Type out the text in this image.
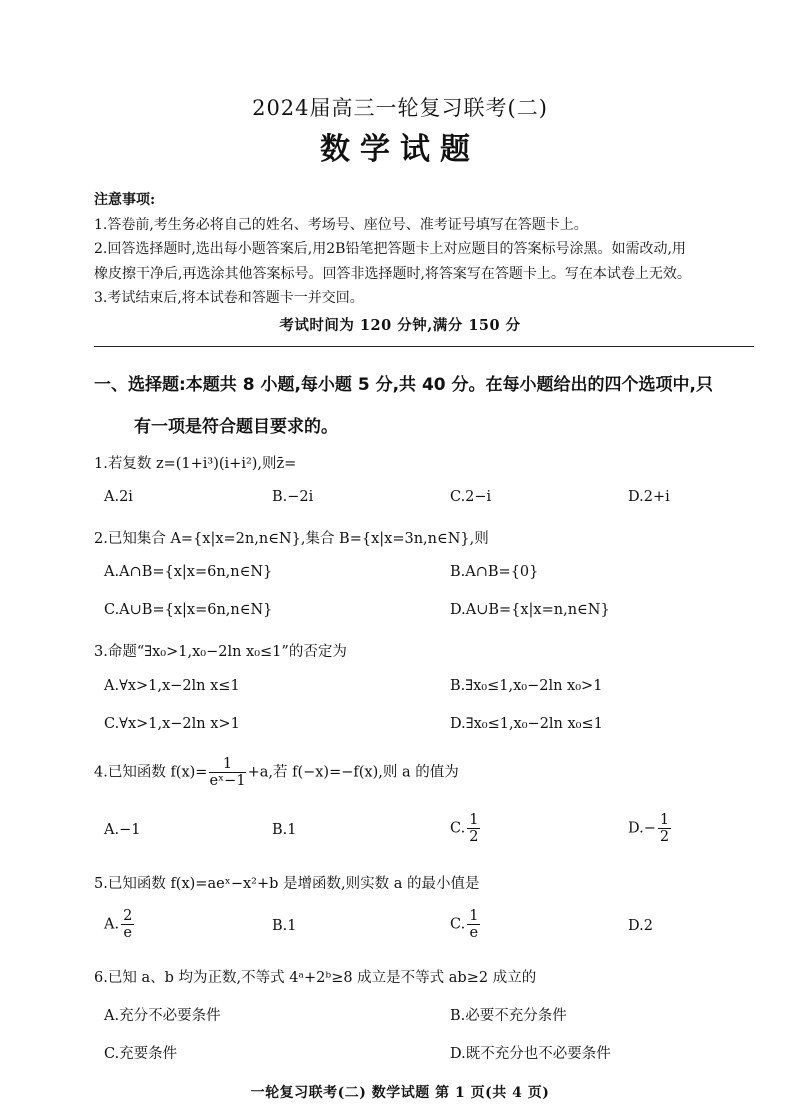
2024届高三一轮复习联考(二)
数学试题
注意事项:
1.答卷前,考生务必将自己的姓名、考场号、座位号、准考证号填写在答题卡上。
2.回答选择题时,选出每小题答案后,用2B铅笔把答题卡上对应题目的答案标号涂黑。如需改动,用
橡皮擦干净后,再选涂其他答案标号。回答非选择题时,将答案写在答题卡上。写在本试卷上无效。
3.考试结束后,将本试卷和答题卡一并交回。
考试时间为 120 分钟,满分 150 分
一、选择题:本题共 8 小题,每小题 5 分,共 40 分。在每小题给出的四个选项中,只
有一项是符合题目要求的。
1.若复数 z=(1+i³)(i+i²),则z̄=
A.2i	B.−2i	C.2−i	D.2+i
2.已知集合 A={x|x=2n,n∈N},集合 B={x|x=3n,n∈N},则
A.A∩B={x|x=6n,n∈N}	B.A∩B={0}
C.A∪B={x|x=6n,n∈N}	D.A∪B={x|x=n,n∈N}
3.命题“∃x₀>1,x₀−2ln x₀≤1”的否定为
A.∀x>1,x−2ln x≤1	B.∃x₀≤1,x₀−2ln x₀>1
C.∀x>1,x−2ln x>1	D.∃x₀≤1,x₀−2ln x₀≤1
4.已知函数 $f(x)= \frac{1}{\text{eˣ−1}} +a$,若 f(−x)=−f(x),则 a 的值为
A.−1	B.1	C. $\frac{1}{2}$	$D.- \frac{1}{2}$
5.已知函数 f(x)=aeˣ−x²+b 是增函数,则实数 a 的最小值是
A. $\frac{2}{e}$	B.1	C. $\frac{1}{e}$	D.2
6.已知 a、b 均为正数,不等式 4ᵃ+2ᵇ≥8 成立是不等式 ab≥2 成立的
A.充分不必要条件	B.必要不充分条件
C.充要条件	D.既不充分也不必要条件
一轮复习联考(二) 数学试题 第 1 页(共 4 页)
